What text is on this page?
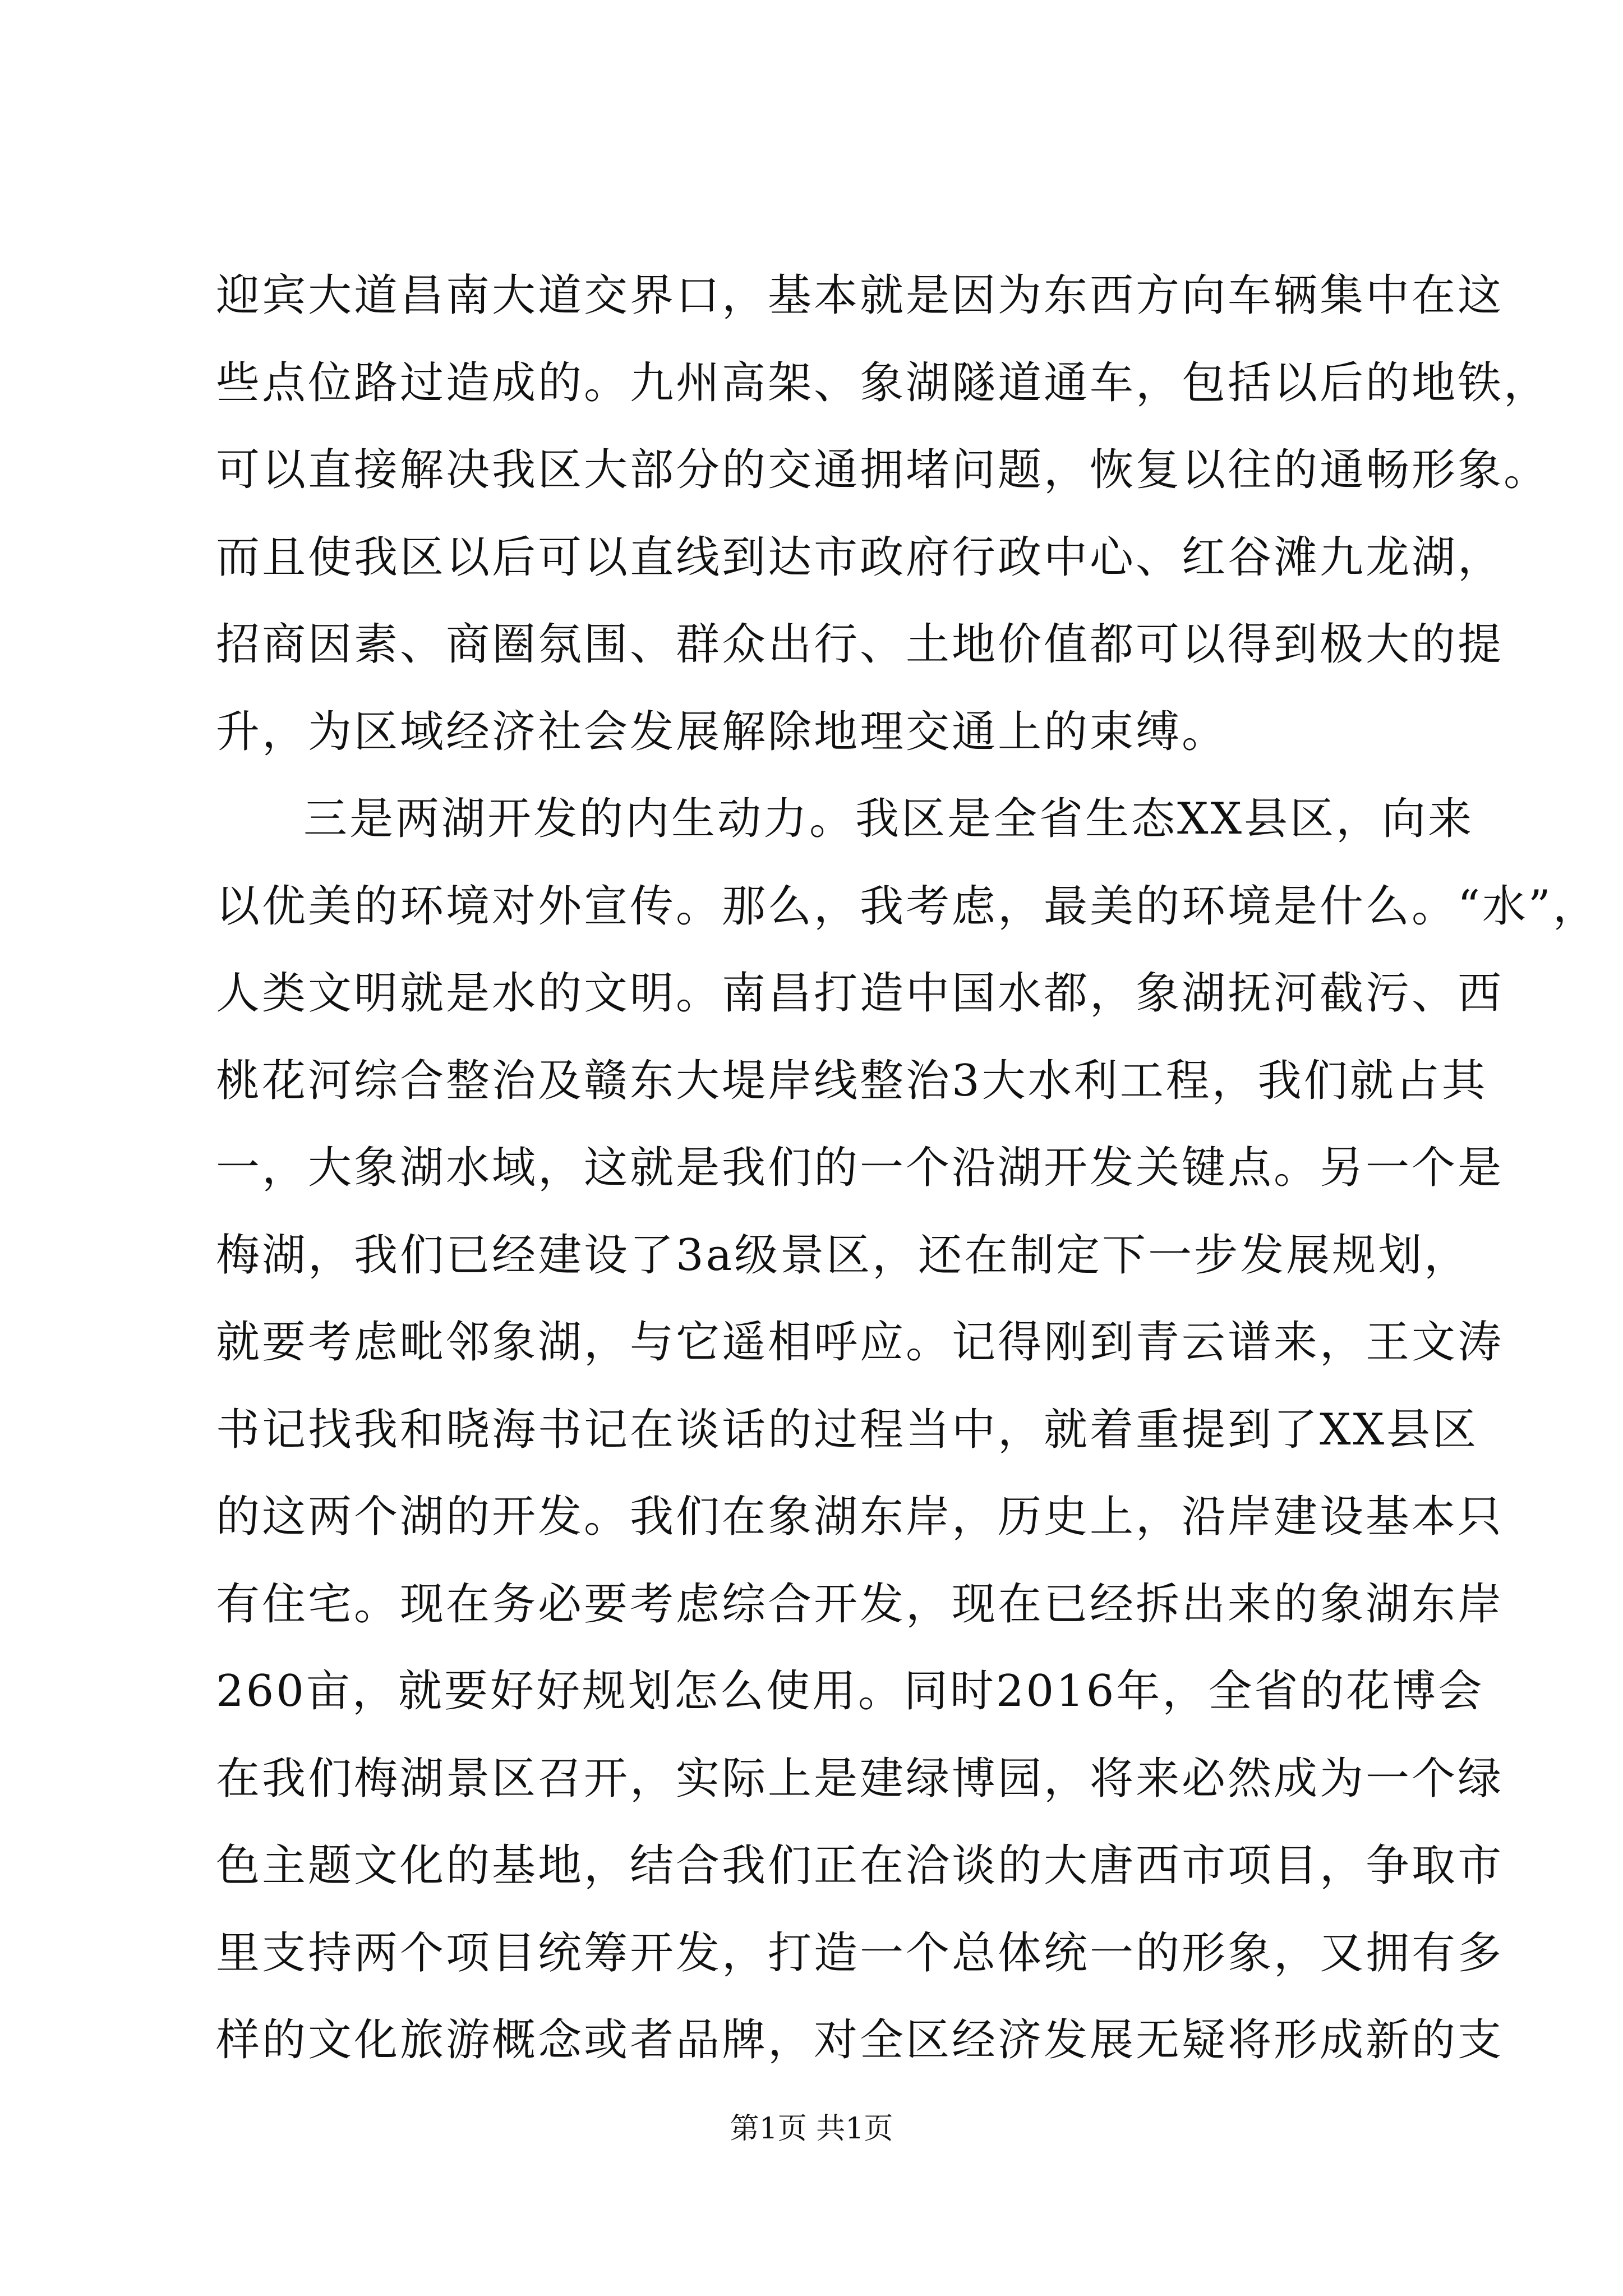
迎宾大道昌南大道交界口，基本就是因为东西方向车辆集中在这
些点位路过造成的。九州高架、象湖隧道通车，包括以后的地铁，
可以直接解决我区大部分的交通拥堵问题，恢复以往的通畅形象。
而且使我区以后可以直线到达市政府行政中心、红谷滩九龙湖，
招商因素、商圈氛围、群众出行、土地价值都可以得到极大的提
升，为区域经济社会发展解除地理交通上的束缚。
三是两湖开发的内生动力。我区是全省生态XX县区，向来
以优美的环境对外宣传。那么，我考虑，最美的环境是什么。“水”，
人类文明就是水的文明。南昌打造中国水都，象湖抚河截污、西
桃花河综合整治及赣东大堤岸线整治3大水利工程，我们就占其
一，大象湖水域，这就是我们的一个沿湖开发关键点。另一个是
梅湖，我们已经建设了3a级景区，还在制定下一步发展规划，
就要考虑毗邻象湖，与它遥相呼应。记得刚到青云谱来，王文涛
书记找我和晓海书记在谈话的过程当中，就着重提到了XX县区
的这两个湖的开发。我们在象湖东岸，历史上，沿岸建设基本只
有住宅。现在务必要考虑综合开发，现在已经拆出来的象湖东岸
260亩，就要好好规划怎么使用。同时2016年，全省的花博会
在我们梅湖景区召开，实际上是建绿博园，将来必然成为一个绿
色主题文化的基地，结合我们正在洽谈的大唐西市项目，争取市
里支持两个项目统筹开发，打造一个总体统一的形象，又拥有多
样的文化旅游概念或者品牌，对全区经济发展无疑将形成新的支
第1页 共1页
